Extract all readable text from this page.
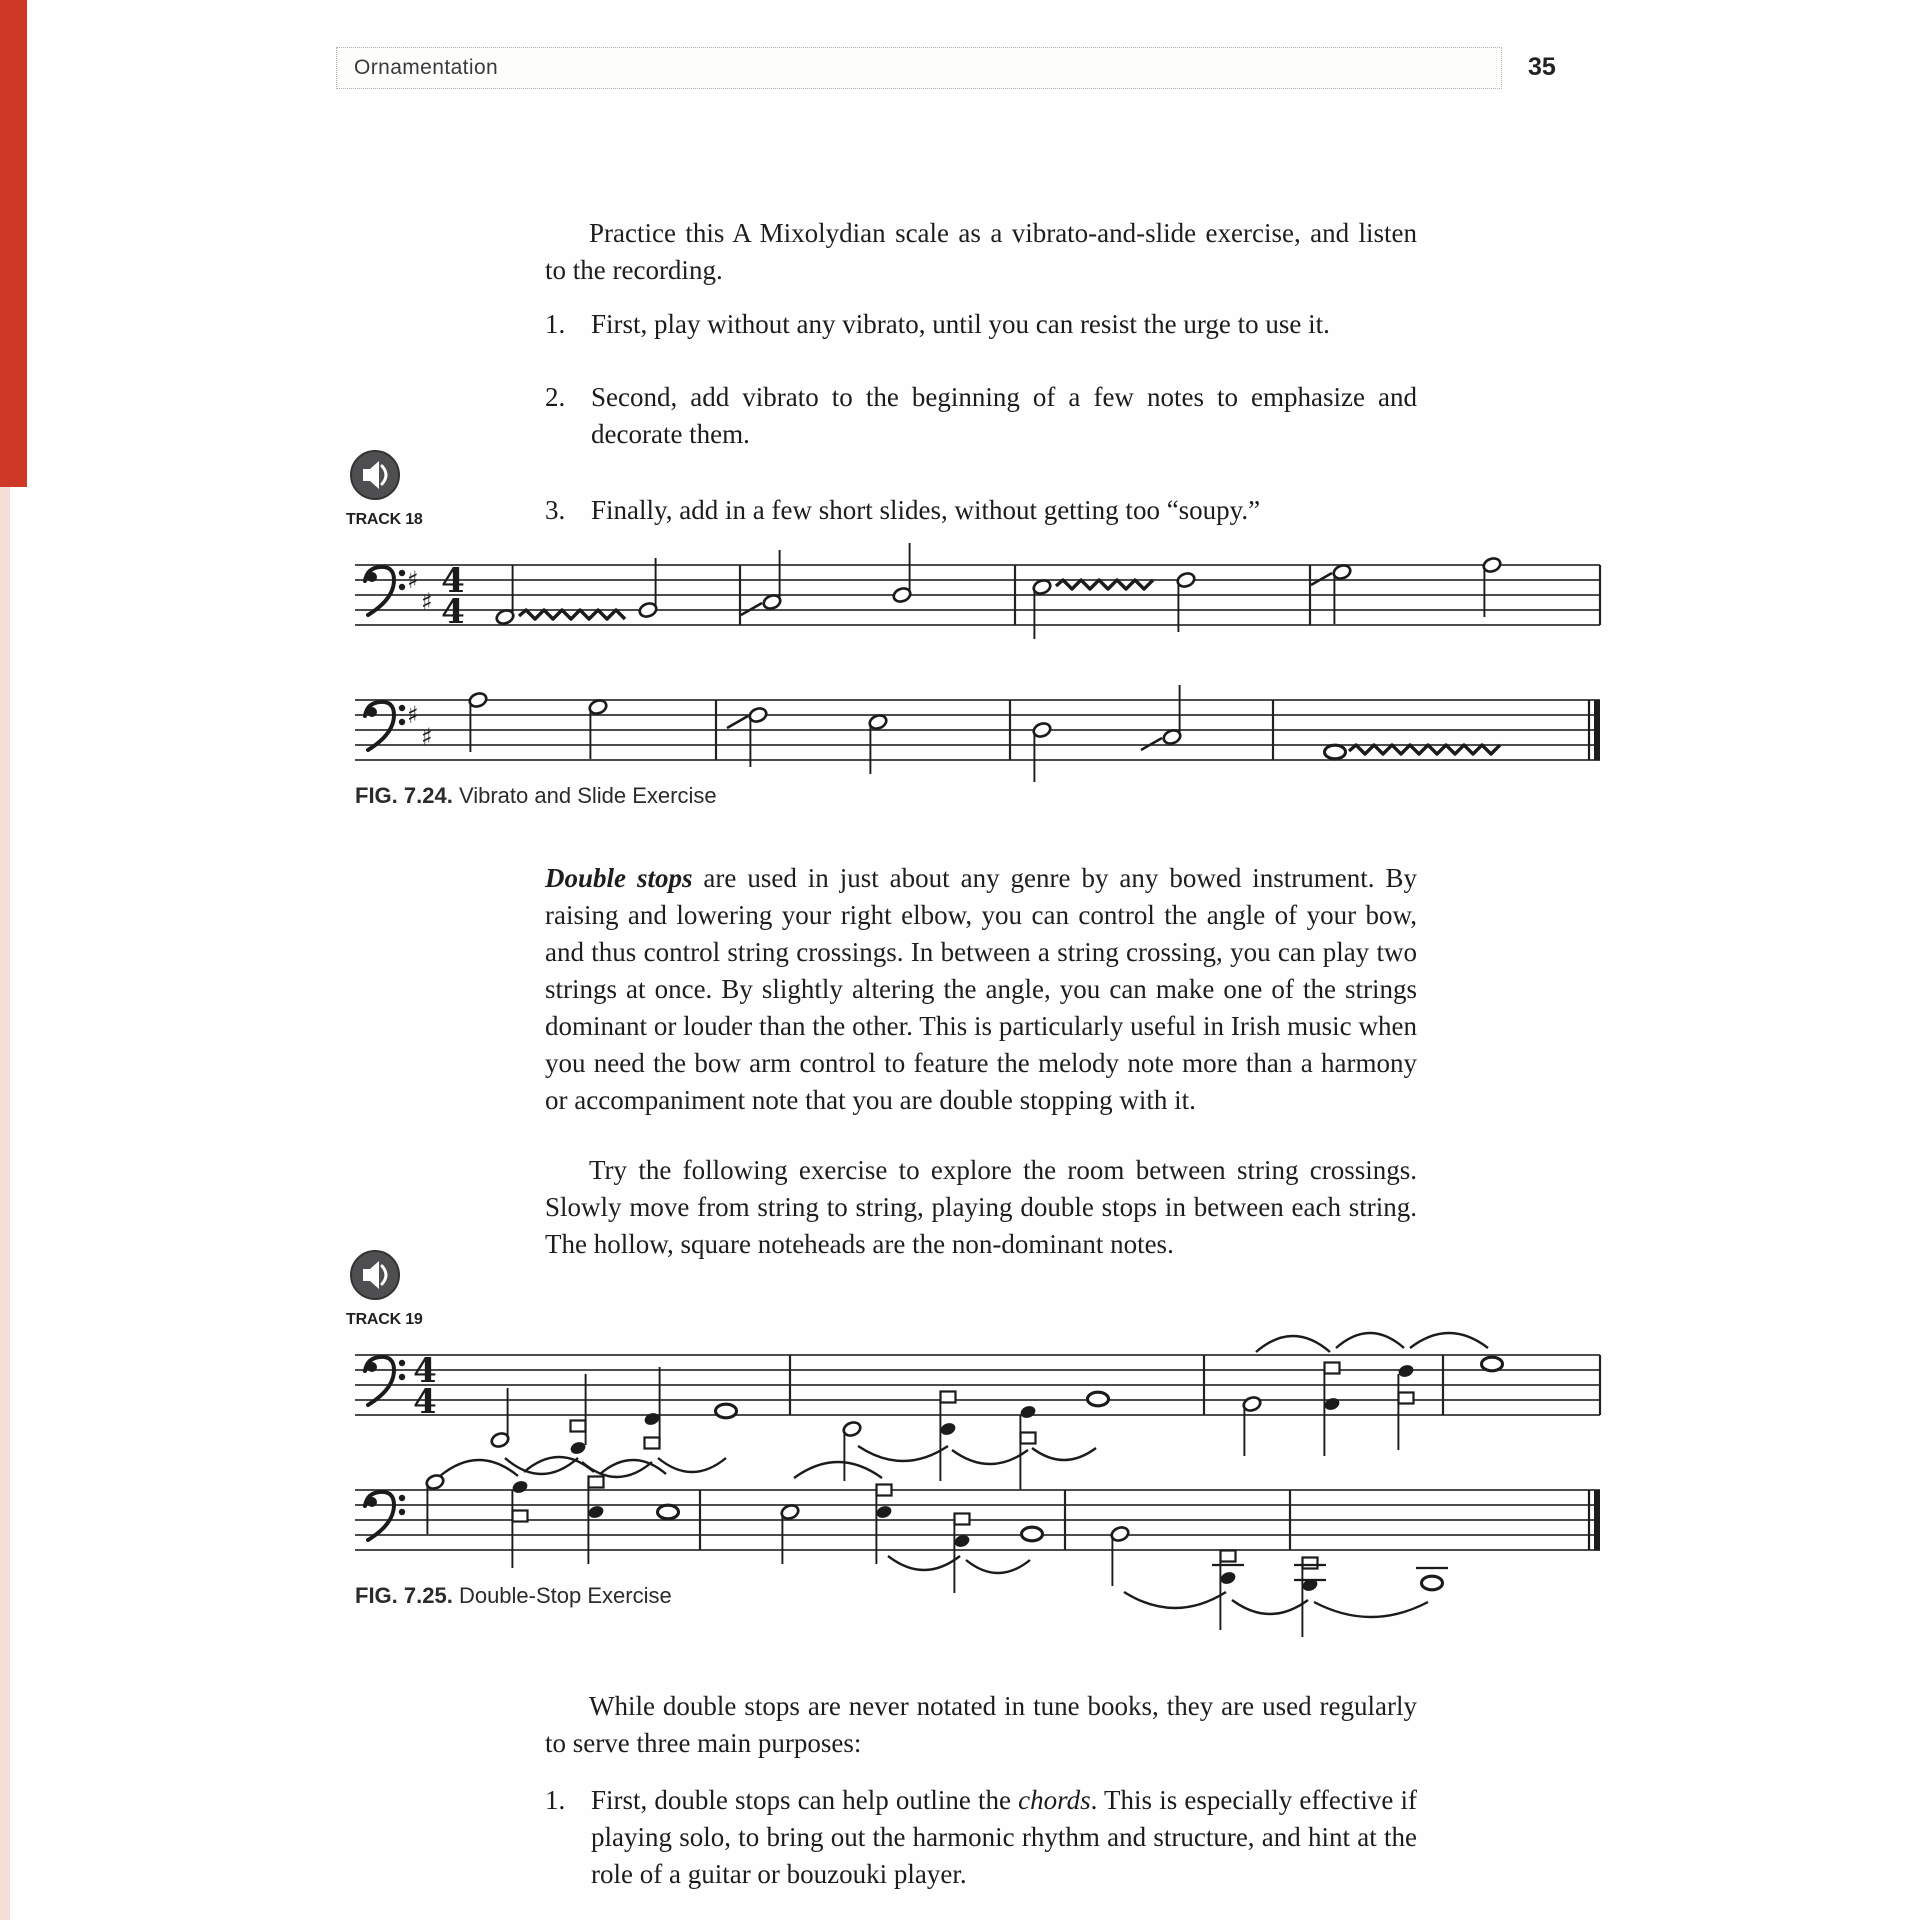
Ornamentation	35

Practice this A Mixolydian scale as a vibrato-and-slide exercise, and listen to the recording.

1. First, play without any vibrato, until you can resist the urge to use it.
2. Second, add vibrato to the beginning of a few notes to emphasize and decorate them.
3. Finally, add in a few short slides, without getting too “soupy.”
TRACK 18
TRACK 19
♯
♯
4
4
♯
♯
4
4
FIG. 7.24. Vibrato and Slide Exercise

Double stops are used in just about any genre by any bowed instrument. By raising and lowering your right elbow, you can control the angle of your bow, and thus control string crossings. In between a string crossing, you can play two strings at once. By slightly altering the angle, you can make one of the strings dominant or louder than the other. This is particularly useful in Irish music when you need the bow arm control to feature the melody note more than a harmony or accompaniment note that you are double stopping with it.

Try the following exercise to explore the room between string crossings. Slowly move from string to string, playing double stops in between each string. The hollow, square noteheads are the non-dominant notes.

FIG. 7.25. Double-Stop Exercise

While double stops are never notated in tune books, they are used regularly to serve three main purposes:

1. First, double stops can help outline the chords. This is especially effective if playing solo, to bring out the harmonic rhythm and structure, and hint at the role of a guitar or bouzouki player.
